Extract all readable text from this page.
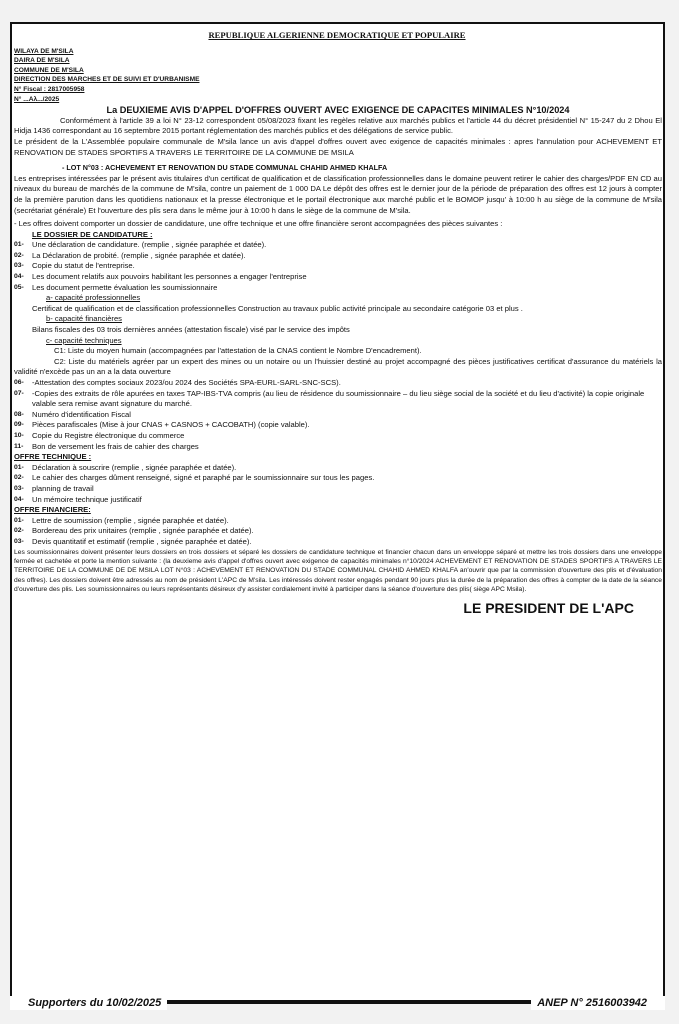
REPUBLIQUE ALGERIENNE DEMOCRATIQUE ET POPULAIRE
WILAYA DE M'SILA
DAIRA DE M'SILA
COMMUNE DE M'SILA
DIRECTION DES MARCHES ET DE SUIVI ET D'URBANISME
N° Fiscal : 2817005958
N° ...Aλ.../2025
La DEUXIEME AVIS D'APPEL D'OFFRES OUVERT AVEC EXIGENCE DE CAPACITES MINIMALES N°10/2024

Conformément à l'article 39 a loi N° 23-12 correspondent 05/08/2023 fixant les regèles relative aux marchés publics et l'article 44 du décret présidentiel N° 15-247 du 2 Dhou El Hidja 1436 correspondant au 16 septembre 2015 portant réglementation des marchés publics et des délégations de service public.

Le président de la L'Assemblée populaire communale de M'sila lance un avis d'appel d'offres ouvert avec exigence de capacités minimales : apres l'annulation pour ACHEVEMENT ET RENOVATION DE STADES SPORTIFS A TRAVERS LE TERRITOIRE DE LA COMMUNE DE MSILA

- LOT N°03 : ACHEVEMENT ET RENOVATION DU STADE COMMUNAL CHAHID AHMED KHALFA

Les entreprises intéressées par le présent avis titulaires d'un certificat de qualification et de classification professionnelles dans le domaine peuvent retirer le cahier des charges/PDF EN CD au niveaux du bureau de marchés de la commune de M'sila, contre un paiement de 1 000 DA Le dépôt des offres est le dernier jour de la période de préparation des offres est 12 jours à compter de la première parution dans les quotidiens nationaux et la presse électronique et le portail électronique aux marché public et le BOMOP jusqu' à 10:00 h au siège de la commune de M'sila (secrétariat générale) Et l'ouverture des plis sera dans le même jour à 10:00 h dans le siège de la commune de M'sila.

- Les offres doivent comporter un dossier de candidature, une offre technique et une offre financière seront accompagnées des pièces suivantes :

LE DOSSIER DE CANDIDATURE :
01-	Une déclaration de candidature. (remplie , signée paraphée et datée).
02-	La Déclaration de probité. (remplie , signée paraphée et datée).
03-	Copie du statut de l'entreprise.
04-	Les document relatifs aux pouvoirs habilitant les personnes a engager l'entreprise
05-	Les document permette évaluation les soumissionnaire
a- capacité professionnelles

Certificat de qualification et de classification professionnelles Construction au travaux public activité principale au secondaire catégorie 03 et plus .

b- capacité financières

Bilans fiscales des 03 trois dernières années (attestation fiscale) visé par le service des impôts

c- capacité techniques

C1: Liste du moyen humain (accompagnées par l'attestation de la CNAS contient le Nombre D'encadrement).

C2: Liste du matériels agréer par un expert des mines ou un notaire ou un l'huissier destiné au projet accompagné des pièces justificatives certificat d'assurance du matériels la validité n'excède pas un an a la data ouverture

06-	-Attestation des comptes sociaux 2023/ou 2024 des Sociétés SPA-EURL-SARL-SNC-SCS).
07-	-Copies des extraits de rôle apurées en taxes TAP-IBS-TVA compris (au lieu de résidence du soumissionnaire – du lieu siège social de la société et du lieu d'activité) la copie originale valable sera remise avant signature du marché.
08-	Numéro d'identification Fiscal
09-	Pièces parafiscales (Mise à jour CNAS + CASNOS + CACOBATH) (copie valable).
10-	Copie du Registre électronique du commerce
11-	Bon de versement les frais de cahier des charges
OFFRE TECHNIQUE :
01-	Déclaration à souscrire (remplie , signée paraphée et datée).
02-	Le cahier des charges dûment renseigné, signé et paraphé par le soumissionnaire sur tous les pages.
03-	planning de travail
04-	Un mémoire technique justificatif
OFFRE FINANCIERE:
01-	Lettre de soumission (remplie , signée paraphée et datée).
02-	Bordereau des prix unitaires (remplie , signée paraphée et datée).
03-	Devis quantitatif et estimatif (remplie , signée paraphée et datée).

Les soumissionnaires doivent présenter leurs dossiers en trois dossiers et séparé les dossiers de candidature technique et financier chacun dans un enveloppe séparé et mettre les trois dossiers dans une enveloppe fermée et cachetée et porte la mention suivante : (la deuxieme avis d'appel d'offres ouvert avec exigence de capacités minimales n°10/2024 ACHEVEMENT ET RENOVATION DE STADES SPORTIFS A TRAVERS LE TERRITOIRE DE LA COMMUNE DE DE MSILA LOT N°03 : ACHEVEMENT ET RENOVATION DU STADE COMMUNAL CHAHID AHMED KHALFA an'ouvrir que par la commission d'ouverture des plis et d'évaluation des offres). Les dossiers doivent être adressés au nom de président L'APC de M'sila. Les intéressés doivent rester engagés pendant 90 jours plus la durée de la préparation des offres à compter de la date de la séance d'ouverture des plis. Les soumissionnaires ou leurs représentants désireux d'y assister cordialement invité à participer dans la séance d'ouverture des plis( siège APC Msila).

LE PRESIDENT DE L'APC
Supporters du 10/02/2025	ANEP N° 2516003942
